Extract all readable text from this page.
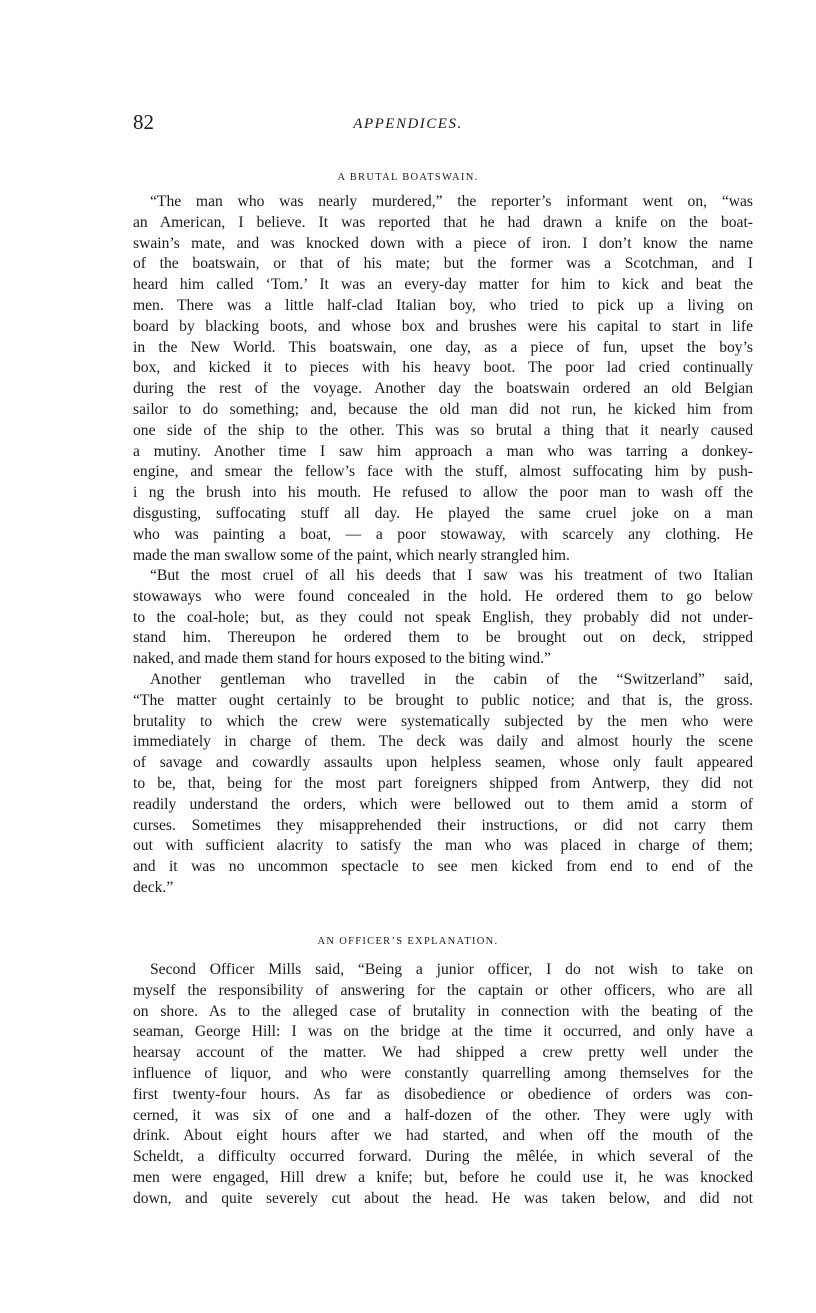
82	APPENDICES.
A BRUTAL BOATSWAIN.
“The man who was nearly murdered,” the reporter’s informant went on, “was
an American, I believe. It was reported that he had drawn a knife on the boat-
swain’s mate, and was knocked down with a piece of iron. I don’t know the name
of the boatswain, or that of his mate; but the former was a Scotchman, and I
heard him called ‘Tom.’ It was an every-day matter for him to kick and beat the
men. There was a little half-clad Italian boy, who tried to pick up a living on
board by blacking boots, and whose box and brushes were his capital to start in life
in the New World. This boatswain, one day, as a piece of fun, upset the boy’s
box, and kicked it to pieces with his heavy boot. The poor lad cried continually
during the rest of the voyage. Another day the boatswain ordered an old Belgian
sailor to do something; and, because the old man did not run, he kicked him from
one side of the ship to the other. This was so brutal a thing that it nearly caused
a mutiny. Another time I saw him approach a man who was tarring a donkey-
engine, and smear the fellow’s face with the stuff, almost suffocating him by push-
i ng the brush into his mouth. He refused to allow the poor man to wash off the
disgusting, suffocating stuff all day. He played the same cruel joke on a man
who was painting a boat, — a poor stowaway, with scarcely any clothing. He
made the man swallow some of the paint, which nearly strangled him.
“But the most cruel of all his deeds that I saw was his treatment of two Italian
stowaways who were found concealed in the hold. He ordered them to go below
to the coal-hole; but, as they could not speak English, they probably did not under-
stand him. Thereupon he ordered them to be brought out on deck, stripped
naked, and made them stand for hours exposed to the biting wind.”
Another gentleman who travelled in the cabin of the “Switzerland” said,
“The matter ought certainly to be brought to public notice; and that is, the gross.
brutality to which the crew were systematically subjected by the men who were
immediately in charge of them. The deck was daily and almost hourly the scene
of savage and cowardly assaults upon helpless seamen, whose only fault appeared
to be, that, being for the most part foreigners shipped from Antwerp, they did not
readily understand the orders, which were bellowed out to them amid a storm of
curses. Sometimes they misapprehended their instructions, or did not carry them
out with sufficient alacrity to satisfy the man who was placed in charge of them;
and it was no uncommon spectacle to see men kicked from end to end of the
deck.”
AN OFFICER’S EXPLANATION.
Second Officer Mills said, “Being a junior officer, I do not wish to take on
myself the responsibility of answering for the captain or other officers, who are all
on shore. As to the alleged case of brutality in connection with the beating of the
seaman, George Hill: I was on the bridge at the time it occurred, and only have a
hearsay account of the matter. We had shipped a crew pretty well under the
influence of liquor, and who were constantly quarrelling among themselves for the
first twenty-four hours. As far as disobedience or obedience of orders was con-
cerned, it was six of one and a half-dozen of the other. They were ugly with
drink. About eight hours after we had started, and when off the mouth of the
Scheldt, a difficulty occurred forward. During the mêlée, in which several of the
men were engaged, Hill drew a knife; but, before he could use it, he was knocked
down, and quite severely cut about the head. He was taken below, and did not
